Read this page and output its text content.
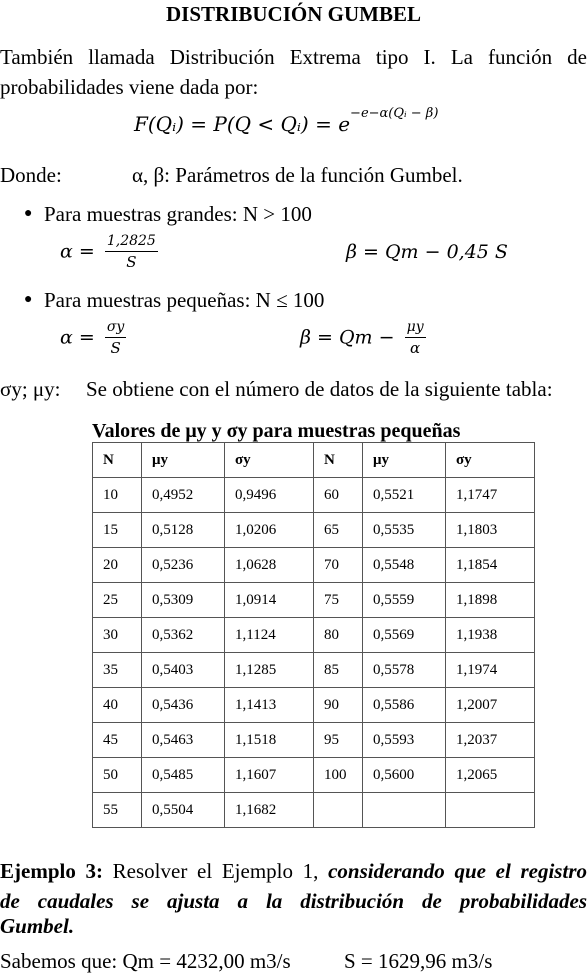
DISTRIBUCIÓN GUMBEL
También llamada Distribución Extrema tipo I. La función de
probabilidades viene dada por:
F(Qᵢ) = P(Q < Qᵢ) = $e^{-e-\alpha(Qᵢ - \beta)}$
Donde:	α, β: Parámetros de la función Gumbel.
● Para muestras grandes: N > 100
$\alpha = \frac{1,2825}{S}$	β = Qm − 0,45 S
● Para muestras pequeñas: N ≤ 100
$\alpha = \frac{\sigma y}{S}$	$\beta = Qm - \frac{\mu y}{\alpha}$
σy; μy: Se obtiene con el número de datos de la siguiente tabla:
Valores de μy y σy para muestras pequeñas
N	μy	σy	N	μy	σy
10	0,4952	0,9496	60	0,5521	1,1747
15	0,5128	1,0206	65	0,5535	1,1803
20	0,5236	1,0628	70	0,5548	1,1854
25	0,5309	1,0914	75	0,5559	1,1898
30	0,5362	1,1124	80	0,5569	1,1938
35	0,5403	1,1285	85	0,5578	1,1974
40	0,5436	1,1413	90	0,5586	1,2007
45	0,5463	1,1518	95	0,5593	1,2037
50	0,5485	1,1607	100	0,5600	1,2065
55	0,5504	1,1682			
Ejemplo 3: Resolver el Ejemplo 1, considerando que el registro
de caudales se ajusta a la distribución de probabilidades
Gumbel.
Sabemos que: Qm = 4232,00 m3/s	S = 1629,96 m3/s
